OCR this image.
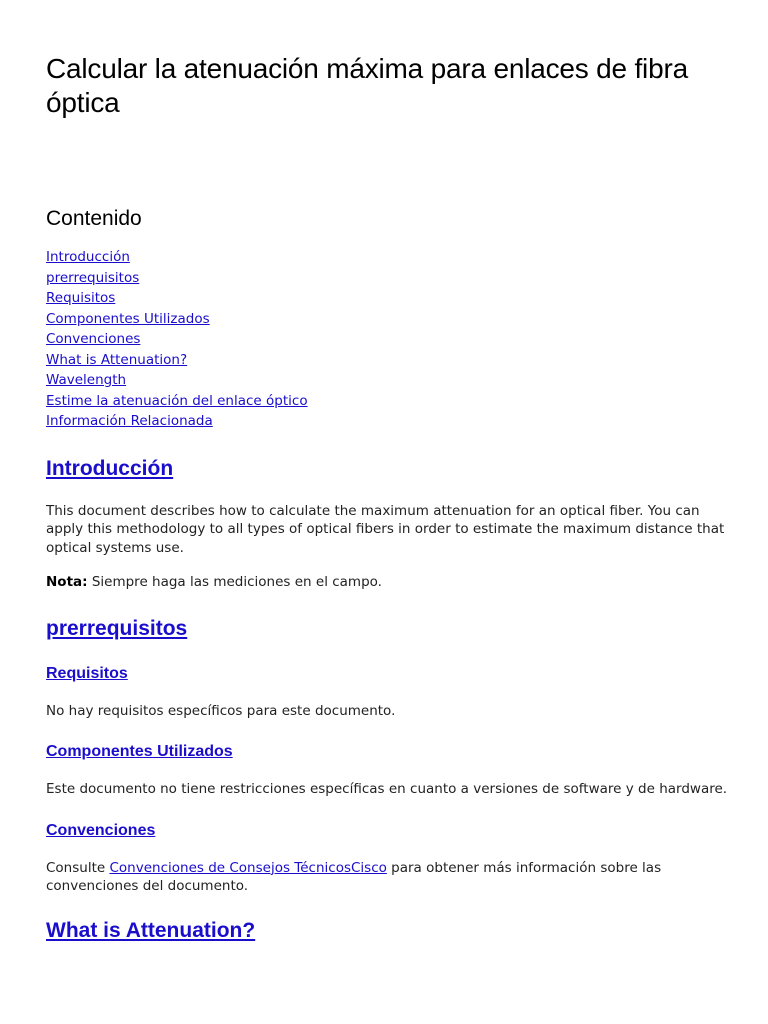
Calcular la atenuación máxima para enlaces de fibra óptica
Contenido
Introducción
prerrequisitos
Requisitos
Componentes Utilizados
Convenciones
What is Attenuation?
Wavelength
Estime la atenuación del enlace óptico
Información Relacionada
Introducción

This document describes how to calculate the maximum attenuation for an optical fiber. You can apply this methodology to all types of optical fibers in order to estimate the maximum distance that optical systems use.

Nota: Siempre haga las mediciones en el campo.

prerrequisitos
Requisitos

No hay requisitos específicos para este documento.

Componentes Utilizados

Este documento no tiene restricciones específicas en cuanto a versiones de software y de hardware.

Convenciones

Consulte Convenciones de Consejos TécnicosCisco para obtener más información sobre las convenciones del documento.

What is Attenuation?
